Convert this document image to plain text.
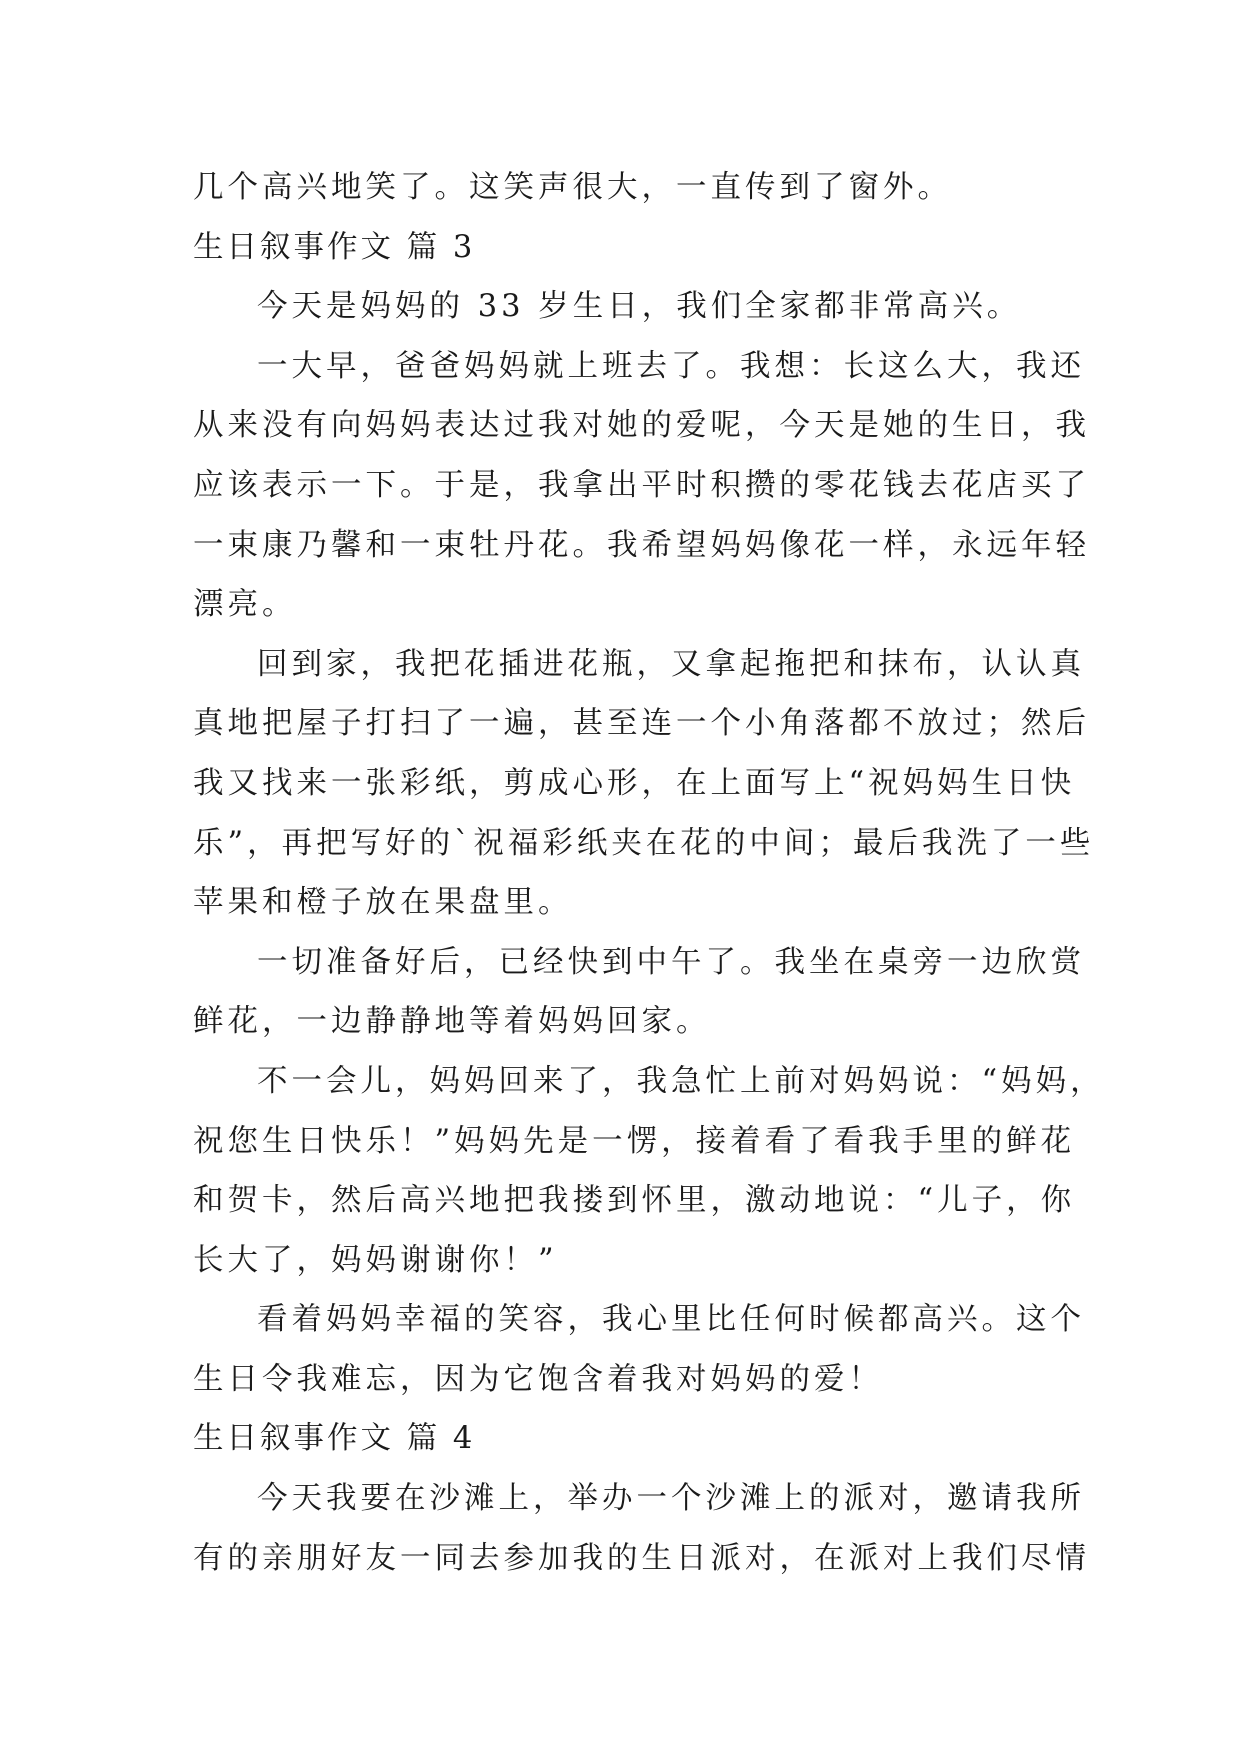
几个高兴地笑了。这笑声很大，一直传到了窗外。
生日叙事作文 篇 3
今天是妈妈的 33 岁生日，我们全家都非常高兴。
一大早，爸爸妈妈就上班去了。我想：长这么大，我还
从来没有向妈妈表达过我对她的爱呢，今天是她的生日，我
应该表示一下。于是，我拿出平时积攒的零花钱去花店买了
一束康乃馨和一束牡丹花。我希望妈妈像花一样，永远年轻
漂亮。
回到家，我把花插进花瓶，又拿起拖把和抹布，认认真
真地把屋子打扫了一遍，甚至连一个小角落都不放过；然后
我又找来一张彩纸，剪成心形，在上面写上“祝妈妈生日快
乐”，再把写好的`祝福彩纸夹在花的中间；最后我洗了一些
苹果和橙子放在果盘里。
一切准备好后，已经快到中午了。我坐在桌旁一边欣赏
鲜花，一边静静地等着妈妈回家。
不一会儿，妈妈回来了，我急忙上前对妈妈说：“妈妈，
祝您生日快乐！”妈妈先是一愣，接着看了看我手里的鲜花
和贺卡，然后高兴地把我搂到怀里，激动地说：“儿子，你
长大了，妈妈谢谢你！”
看着妈妈幸福的笑容，我心里比任何时候都高兴。这个
生日令我难忘，因为它饱含着我对妈妈的爱！
生日叙事作文 篇 4
今天我要在沙滩上，举办一个沙滩上的派对，邀请我所
有的亲朋好友一同去参加我的生日派对，在派对上我们尽情
